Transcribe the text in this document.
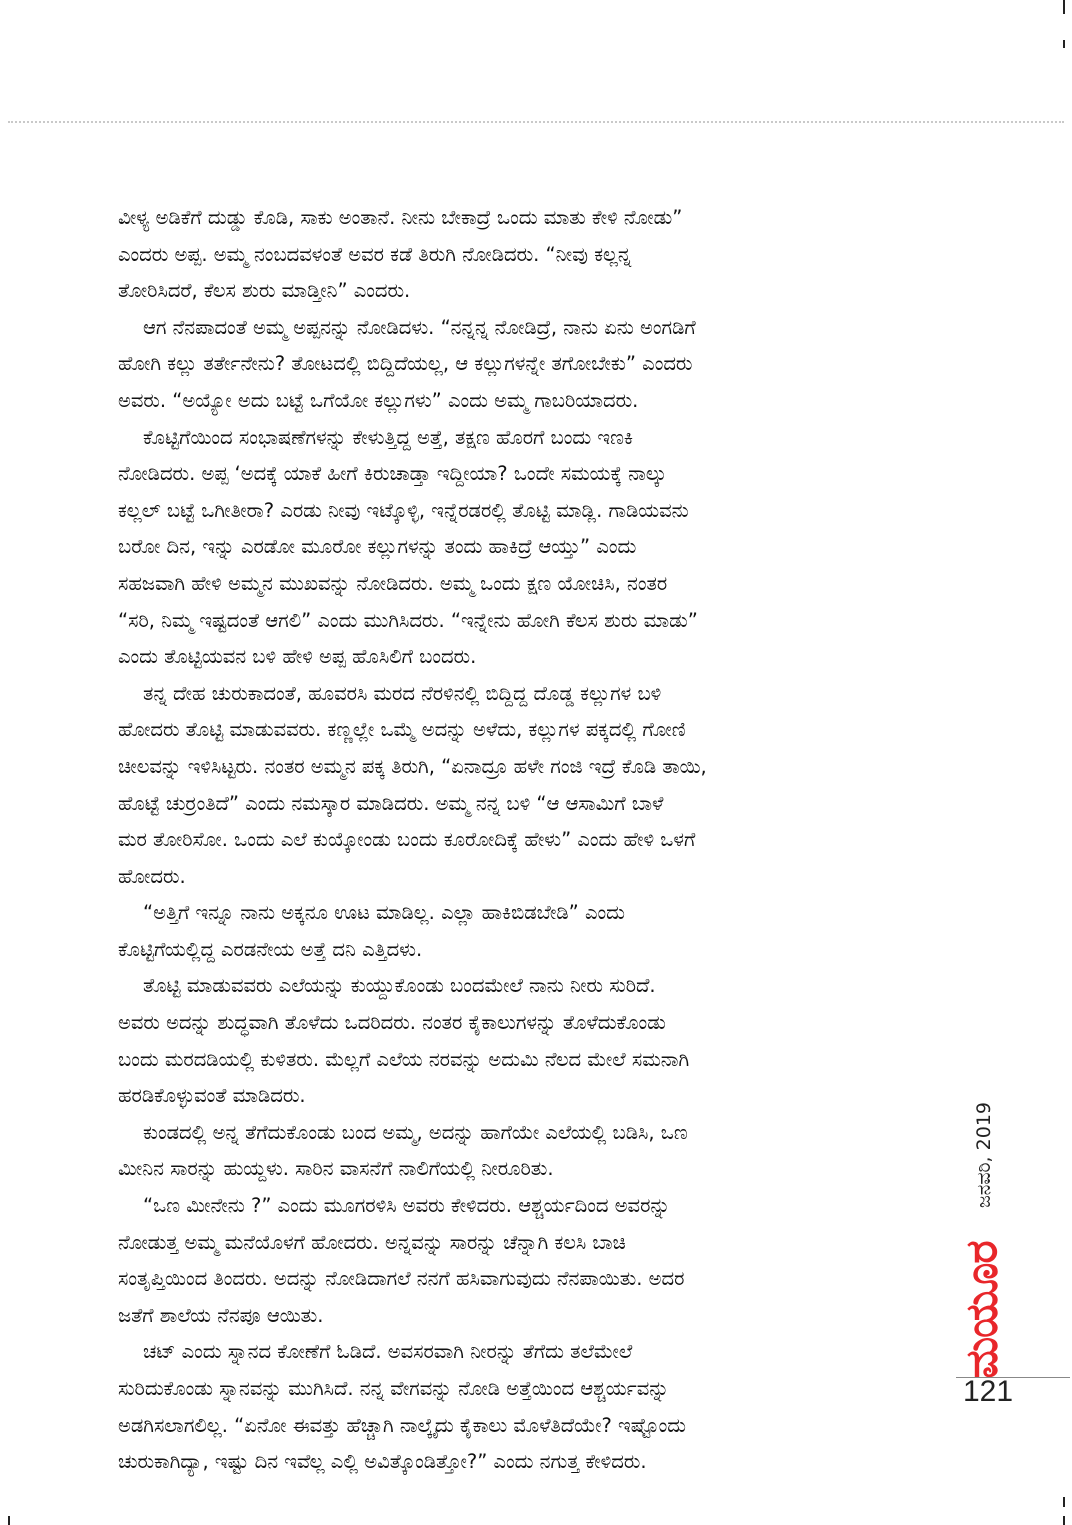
ವೀಳ್ಯ ಅಡಿಕೆಗೆ ದುಡ್ಡು ಕೊಡಿ, ಸಾಕು ಅಂತಾನೆ. ನೀನು ಬೇಕಾದ್ರೆ ಒಂದು ಮಾತು ಕೇಳಿ ನೋಡು”
ಎಂದರು ಅಪ್ಪ. ಅಮ್ಮ ನಂಬದವಳಂತೆ ಅವರ ಕಡೆ ತಿರುಗಿ ನೋಡಿದರು. “ನೀವು ಕಲ್ಲನ್ನ
ತೋರಿಸಿದರೆ, ಕೆಲಸ ಶುರು ಮಾಡ್ತೀನಿ” ಎಂದರು.
ಆಗ ನೆನಪಾದಂತೆ ಅಮ್ಮ ಅಪ್ಪನನ್ನು ನೋಡಿದಳು. “ನನ್ನನ್ನ ನೋಡಿದ್ರೆ, ನಾನು ಏನು ಅಂಗಡಿಗೆ
ಹೋಗಿ ಕಲ್ಲು ತರ್ತೇನೇನು? ತೋಟದಲ್ಲಿ ಬಿದ್ದಿದೆಯಲ್ಲ, ಆ ಕಲ್ಲುಗಳನ್ನೇ ತಗೋಬೇಕು” ಎಂದರು
ಅವರು. “ಅಯ್ಯೋ ಅದು ಬಟ್ಟೆ ಒಗೆಯೋ ಕಲ್ಲುಗಳು” ಎಂದು ಅಮ್ಮ ಗಾಬರಿಯಾದರು.
ಕೊಟ್ಟಿಗೆಯಿಂದ ಸಂಭಾಷಣೆಗಳನ್ನು ಕೇಳುತ್ತಿದ್ದ ಅತ್ತೆ, ತಕ್ಷಣ ಹೊರಗೆ ಬಂದು ಇಣಕಿ
ನೋಡಿದರು. ಅಪ್ಪ ‘ಅದಕ್ಕೆ ಯಾಕೆ ಹೀಗೆ ಕಿರುಚಾಡ್ತಾ ಇದ್ದೀಯಾ? ಒಂದೇ ಸಮಯಕ್ಕೆ ನಾಲ್ಕು
ಕಲ್ಲಲ್ ಬಟ್ಟೆ ಒಗೀತೀರಾ? ಎರಡು ನೀವು ಇಟ್ಕೊಳ್ಳಿ, ಇನ್ನೆರಡರಲ್ಲಿ ತೊಟ್ಟಿ ಮಾಡ್ಲಿ. ಗಾಡಿಯವನು
ಬರೋ ದಿನ, ಇನ್ನು ಎರಡೋ ಮೂರೋ ಕಲ್ಲುಗಳನ್ನು ತಂದು ಹಾಕಿದ್ರೆ ಆಯ್ತು” ಎಂದು
ಸಹಜವಾಗಿ ಹೇಳಿ ಅಮ್ಮನ ಮುಖವನ್ನು ನೋಡಿದರು. ಅಮ್ಮ ಒಂದು ಕ್ಷಣ ಯೋಚಿಸಿ, ನಂತರ
“ಸರಿ, ನಿಮ್ಮ ಇಷ್ಟದಂತೆ ಆಗಲಿ” ಎಂದು ಮುಗಿಸಿದರು. “ಇನ್ನೇನು ಹೋಗಿ ಕೆಲಸ ಶುರು ಮಾಡು”
ಎಂದು ತೊಟ್ಟಿಯವನ ಬಳಿ ಹೇಳಿ ಅಪ್ಪ ಹೊಸಿಲಿಗೆ ಬಂದರು.
ತನ್ನ ದೇಹ ಚುರುಕಾದಂತೆ, ಹೂವರಸಿ ಮರದ ನೆರಳಿನಲ್ಲಿ ಬಿದ್ದಿದ್ದ ದೊಡ್ಡ ಕಲ್ಲುಗಳ ಬಳಿ
ಹೋದರು ತೊಟ್ಟಿ ಮಾಡುವವರು. ಕಣ್ಣಲ್ಲೇ ಒಮ್ಮೆ ಅದನ್ನು ಅಳೆದು, ಕಲ್ಲುಗಳ ಪಕ್ಕದಲ್ಲಿ ಗೋಣಿ
ಚೀಲವನ್ನು ಇಳಿಸಿಟ್ಟರು. ನಂತರ ಅಮ್ಮನ ಪಕ್ಕ ತಿರುಗಿ, “ಏನಾದ್ರೂ ಹಳೇ ಗಂಜಿ ಇದ್ರೆ ಕೊಡಿ ತಾಯಿ,
ಹೊಟ್ಟೆ ಚುರ್ರಂತಿದೆ” ಎಂದು ನಮಸ್ಕಾರ ಮಾಡಿದರು. ಅಮ್ಮ ನನ್ನ ಬಳಿ “ಆ ಆಸಾಮಿಗೆ ಬಾಳೆ
ಮರ ತೋರಿಸೋ. ಒಂದು ಎಲೆ ಕುಯ್ಕೋಂಡು ಬಂದು ಕೂರೋದಿಕ್ಕೆ ಹೇಳು” ಎಂದು ಹೇಳಿ ಒಳಗೆ
ಹೋದರು.
“ಅತ್ತಿಗೆ ಇನ್ನೂ ನಾನು ಅಕ್ಕನೂ ಊಟ ಮಾಡಿಲ್ಲ. ಎಲ್ಲಾ ಹಾಕಿಬಿಡಬೇಡಿ” ಎಂದು
ಕೊಟ್ಟಿಗೆಯಲ್ಲಿದ್ದ ಎರಡನೇಯ ಅತ್ತೆ ದನಿ ಎತ್ತಿದಳು.
ತೊಟ್ಟಿ ಮಾಡುವವರು ಎಲೆಯನ್ನು ಕುಯ್ದುಕೊಂಡು ಬಂದಮೇಲೆ ನಾನು ನೀರು ಸುರಿದೆ.
ಅವರು ಅದನ್ನು ಶುದ್ಧವಾಗಿ ತೊಳೆದು ಒದರಿದರು. ನಂತರ ಕೈಕಾಲುಗಳನ್ನು ತೊಳೆದುಕೊಂಡು
ಬಂದು ಮರದಡಿಯಲ್ಲಿ ಕುಳಿತರು. ಮೆಲ್ಲಗೆ ಎಲೆಯ ನರವನ್ನು ಅದುಮಿ ನೆಲದ ಮೇಲೆ ಸಮನಾಗಿ
ಹರಡಿಕೊಳ್ಳುವಂತೆ ಮಾಡಿದರು.
ಕುಂಡದಲ್ಲಿ ಅನ್ನ ತೆಗೆದುಕೊಂಡು ಬಂದ ಅಮ್ಮ, ಅದನ್ನು ಹಾಗೆಯೇ ಎಲೆಯಲ್ಲಿ ಬಡಿಸಿ, ಒಣ
ಮೀನಿನ ಸಾರನ್ನು ಹುಯ್ದಳು. ಸಾರಿನ ವಾಸನೆಗೆ ನಾಲಿಗೆಯಲ್ಲಿ ನೀರೂರಿತು.
“ಒಣ ಮೀನೇನು ?” ಎಂದು ಮೂಗರಳಿಸಿ ಅವರು ಕೇಳಿದರು. ಆಶ್ಚರ್ಯದಿಂದ ಅವರನ್ನು
ನೋಡುತ್ತ ಅಮ್ಮ ಮನೆಯೊಳಗೆ ಹೋದರು. ಅನ್ನವನ್ನು ಸಾರನ್ನು ಚೆನ್ನಾಗಿ ಕಲಸಿ ಬಾಚಿ
ಸಂತೃಪ್ತಿಯಿಂದ ತಿಂದರು. ಅದನ್ನು ನೋಡಿದಾಗಲೆ ನನಗೆ ಹಸಿವಾಗುವುದು ನೆನಪಾಯಿತು. ಅದರ
ಜತೆಗೆ ಶಾಲೆಯ ನೆನಪೂ ಆಯಿತು.
ಚಟ್ ಎಂದು ಸ್ನಾನದ ಕೋಣೆಗೆ ಓಡಿದೆ. ಅವಸರವಾಗಿ ನೀರನ್ನು ತೆಗೆದು ತಲೆಮೇಲೆ
ಸುರಿದುಕೊಂಡು ಸ್ನಾನವನ್ನು ಮುಗಿಸಿದೆ. ನನ್ನ ವೇಗವನ್ನು ನೋಡಿ ಅತ್ತೆಯಿಂದ ಆಶ್ಚರ್ಯವನ್ನು
ಅಡಗಿಸಲಾಗಲಿಲ್ಲ. “ಏನೋ ಈವತ್ತು ಹೆಚ್ಚಾಗಿ ನಾಲ್ಕೈದು ಕೈಕಾಲು ಮೊಳೆತಿದೆಯೇ? ಇಷ್ಟೊಂದು
ಚುರುಕಾಗಿದ್ಯಾ, ಇಷ್ಟು ದಿನ ಇವೆಲ್ಲ ಎಲ್ಲಿ ಅವಿತ್ಕೊಂಡಿತ್ತೋ?” ಎಂದು ನಗುತ್ತ ಕೇಳಿದರು.
ಜನವರಿ, 2019
ಮಯೂರ
121
